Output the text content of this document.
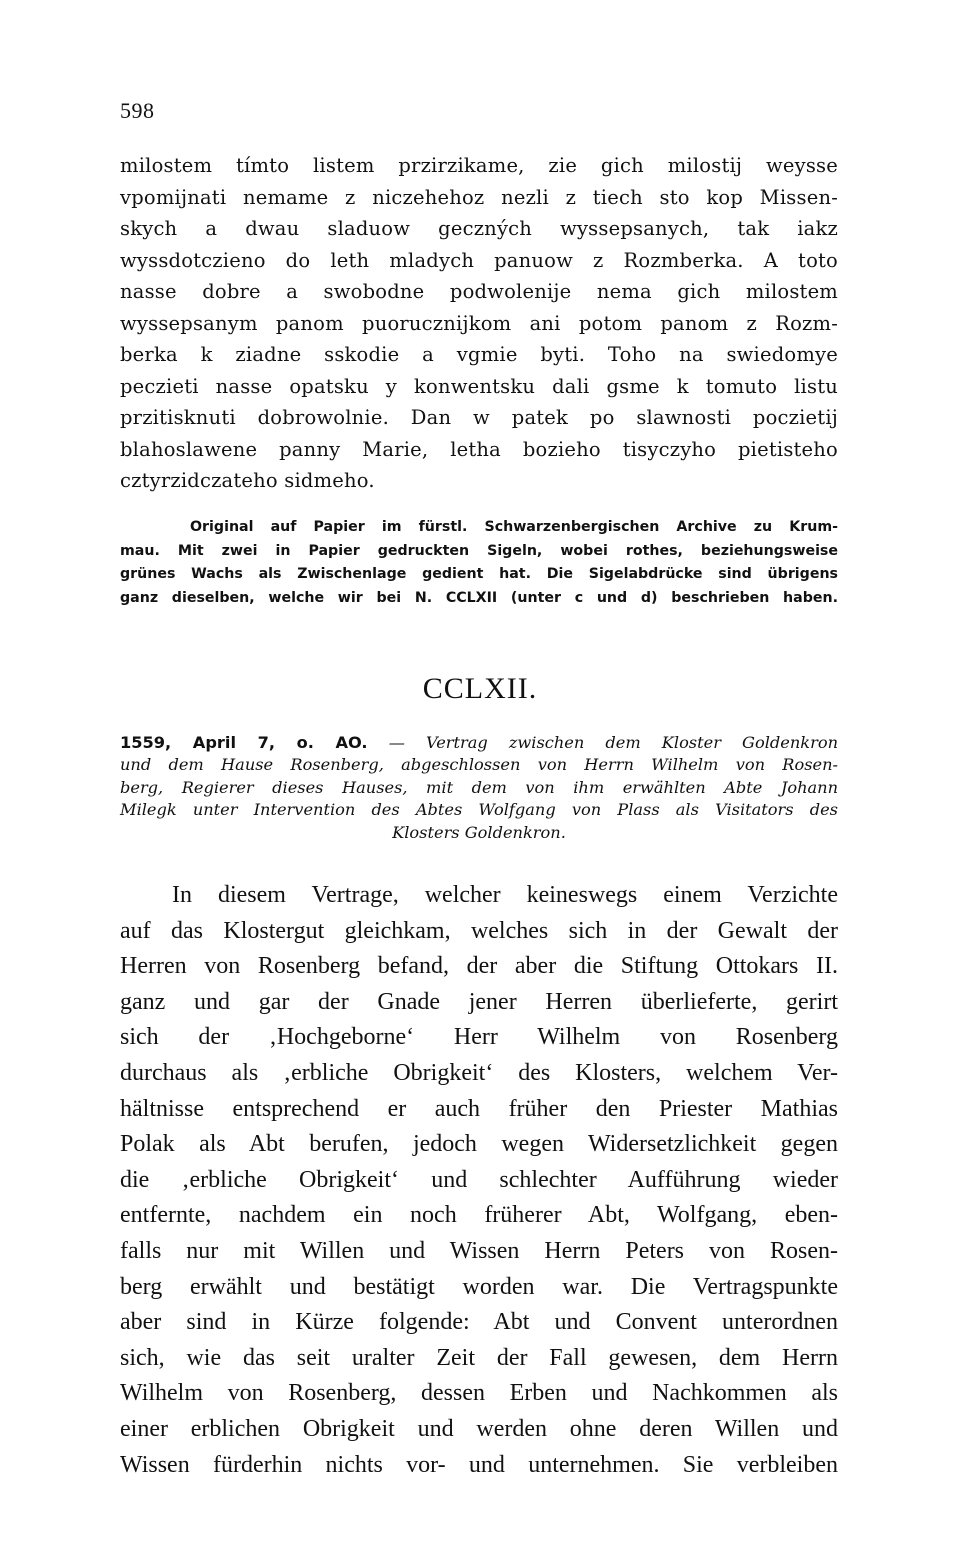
598
milostem tímto listem przirzikame, zie gich milostij weysse
vpomijnati nemame z niczehehoz nezli z tiech sto kop Missen-
skych a dwau sladuow geczných wyssepsanych, tak iakz
wyssdotczieno do leth mladych panuow z Rozmberka. A toto
nasse dobre a swobodne podwolenije nema gich milostem
wyssepsanym panom puorucznijkom ani potom panom z Rozm-
berka k ziadne sskodie a vgmie byti. Toho na swiedomye
peczieti nasse opatsku y konwentsku dali gsme k tomuto listu
przitisknuti dobrowolnie. Dan w patek po slawnosti poczietij
blahoslawene panny Marie, letha bozieho tisyczyho pietisteho
cztyrzidczateho sidmeho.
Original auf Papier im fürstl. Schwarzenbergischen Archive zu Krum-
mau. Mit zwei in Papier gedruckten Sigeln, wobei rothes, beziehungsweise
grünes Wachs als Zwischenlage gedient hat. Die Sigelabdrücke sind übrigens
ganz dieselben, welche wir bei N. CCLXII (unter c und d) beschrieben haben.
CCLXII.
1559, April 7, o. AO. — Vertrag zwischen dem Kloster Goldenkron
und dem Hause Rosenberg, abgeschlossen von Herrn Wilhelm von Rosen-
berg, Regierer dieses Hauses, mit dem von ihm erwählten Abte Johann
Milegk unter Intervention des Abtes Wolfgang von Plass als Visitators des
Klosters Goldenkron.
In diesem Vertrage, welcher keineswegs einem Verzichte
auf das Klostergut gleichkam, welches sich in der Gewalt der
Herren von Rosenberg befand, der aber die Stiftung Ottokars II.
ganz und gar der Gnade jener Herren überlieferte, gerirt
sich der ‚Hochgeborne‘ Herr Wilhelm von Rosenberg
durchaus als ‚erbliche Obrigkeit‘ des Klosters, welchem Ver-
hältnisse entsprechend er auch früher den Priester Mathias
Polak als Abt berufen, jedoch wegen Widersetzlichkeit gegen
die ‚erbliche Obrigkeit‘ und schlechter Aufführung wieder
entfernte, nachdem ein noch früherer Abt, Wolfgang, eben-
falls nur mit Willen und Wissen Herrn Peters von Rosen-
berg erwählt und bestätigt worden war. Die Vertragspunkte
aber sind in Kürze folgende: Abt und Convent unterordnen
sich, wie das seit uralter Zeit der Fall gewesen, dem Herrn
Wilhelm von Rosenberg, dessen Erben und Nachkommen als
einer erblichen Obrigkeit und werden ohne deren Willen und
Wissen fürderhin nichts vor- und unternehmen. Sie verbleiben
